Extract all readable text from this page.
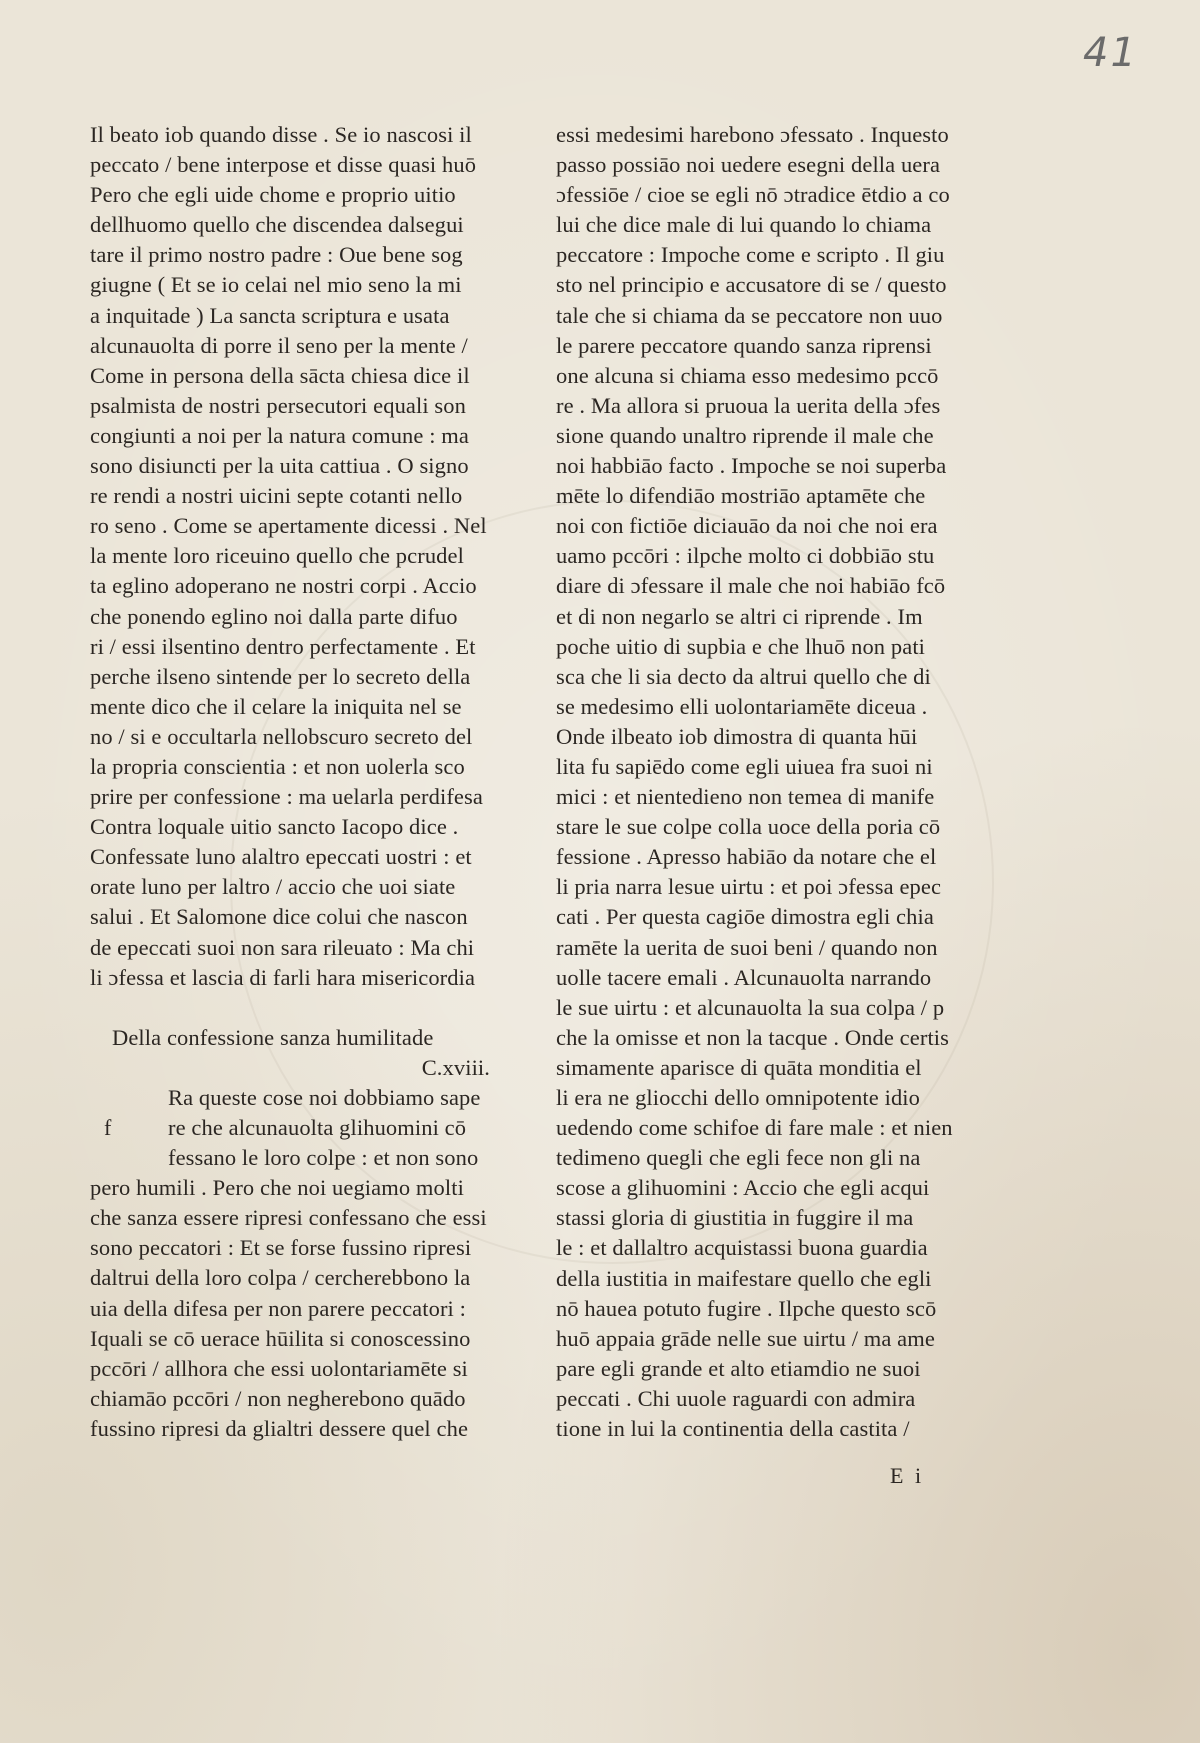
41
Il beato iob quando disse . Se io nascosi il
peccato / bene interpose et disse quasi huō
Pero che egli uide chome e proprio uitio
dellhuomo quello che discendea dalsegui
tare il primo nostro padre : Oue bene sog
giugne ( Et se io celai nel mio seno la mi
a inquitade ) La sancta scriptura e usata
alcunauolta di porre il seno per la mente /
Come in persona della sācta chiesa dice il
psalmista de nostri persecutori equali son
congiunti a noi per la natura comune : ma
sono disiuncti per la uita cattiua . O signo
re rendi a nostri uicini septe cotanti nello
ro seno . Come se apertamente dicessi . Nel
la mente loro riceuino quello che pcrudel
ta eglino adoperano ne nostri corpi . Accio
che ponendo eglino noi dalla parte difuo
ri / essi ilsentino dentro perfectamente . Et
perche ilseno sintende per lo secreto della
mente dico che il celare la iniquita nel se
no / si e occultarla nellobscuro secreto del
la propria conscientia : et non uolerla sco
prire per confessione : ma uelarla perdifesa
Contra loquale uitio sancto Iacopo dice .
Confessate luno alaltro epeccati uostri : et
orate luno per laltro / accio che uoi siate
salui . Et Salomone dice colui che nascon
de epeccati suoi non sara rileuato : Ma chi
li ɔfessa et lascia di farli hara misericordia
Della confessione sanza humilitade
C.xviii.
f
Ra queste cose noi dobbiamo sape
re che alcunauolta glihuomini cō
fessano le loro colpe : et non sono
pero humili . Pero che noi uegiamo molti
che sanza essere ripresi confessano che essi
sono peccatori : Et se forse fussino ripresi
daltrui della loro colpa / cercherebbono la
uia della difesa per non parere peccatori :
Iquali se cō uerace hūilita si conoscessino
pccōri / allhora che essi uolontariamēte si
chiamāo pccōri / non negherebono quādo
fussino ripresi da glialtri dessere quel che
essi medesimi harebono ɔfessato . Inquesto
passo possiāo noi uedere esegni della uera
ɔfessiōe / cioe se egli nō ɔtradice ētdio a co
lui che dice male di lui quando lo chiama
peccatore : Impoche come e scripto . Il giu
sto nel principio e accusatore di se / questo
tale che si chiama da se peccatore non uuo
le parere peccatore quando sanza riprensi
one alcuna si chiama esso medesimo pccō
re . Ma allora si pruoua la uerita della ɔfes
sione quando unaltro riprende il male che
noi habbiāo facto . Impoche se noi superba
mēte lo difendiāo mostriāo aptamēte che
noi con fictiōe diciauāo da noi che noi era
uamo pccōri : ilpche molto ci dobbiāo stu
diare di ɔfessare il male che noi habiāo fcō
et di non negarlo se altri ci riprende . Im
poche uitio di supbia e che lhuō non pati
sca che li sia decto da altrui quello che di
se medesimo elli uolontariamēte diceua .
Onde ilbeato iob dimostra di quanta hūi
lita fu sapiēdo come egli uiuea fra suoi ni
mici : et nientedieno non temea di manife
stare le sue colpe colla uoce della poria cō
fessione . Apresso habiāo da notare che el
li pria narra lesue uirtu : et poi ɔfessa epec
cati . Per questa cagiōe dimostra egli chia
ramēte la uerita de suoi beni / quando non
uolle tacere emali . Alcunauolta narrando
le sue uirtu : et alcunauolta la sua colpa / p
che la omisse et non la tacque . Onde certis
simamente aparisce di quāta monditia el
li era ne gliocchi dello omnipotente idio
uedendo come schifoe di fare male : et nien
tedimeno quegli che egli fece non gli na
scose a glihuomini : Accio che egli acqui
stassi gloria di giustitia in fuggire il ma
le : et dallaltro acquistassi buona guardia
della iustitia in maifestare quello che egli
nō hauea potuto fugire . Ilpche questo scō
huō appaia grāde nelle sue uirtu / ma ame
pare egli grande et alto etiamdio ne suoi
peccati . Chi uuole raguardi con admira
tione in lui la continentia della castita /
E i
